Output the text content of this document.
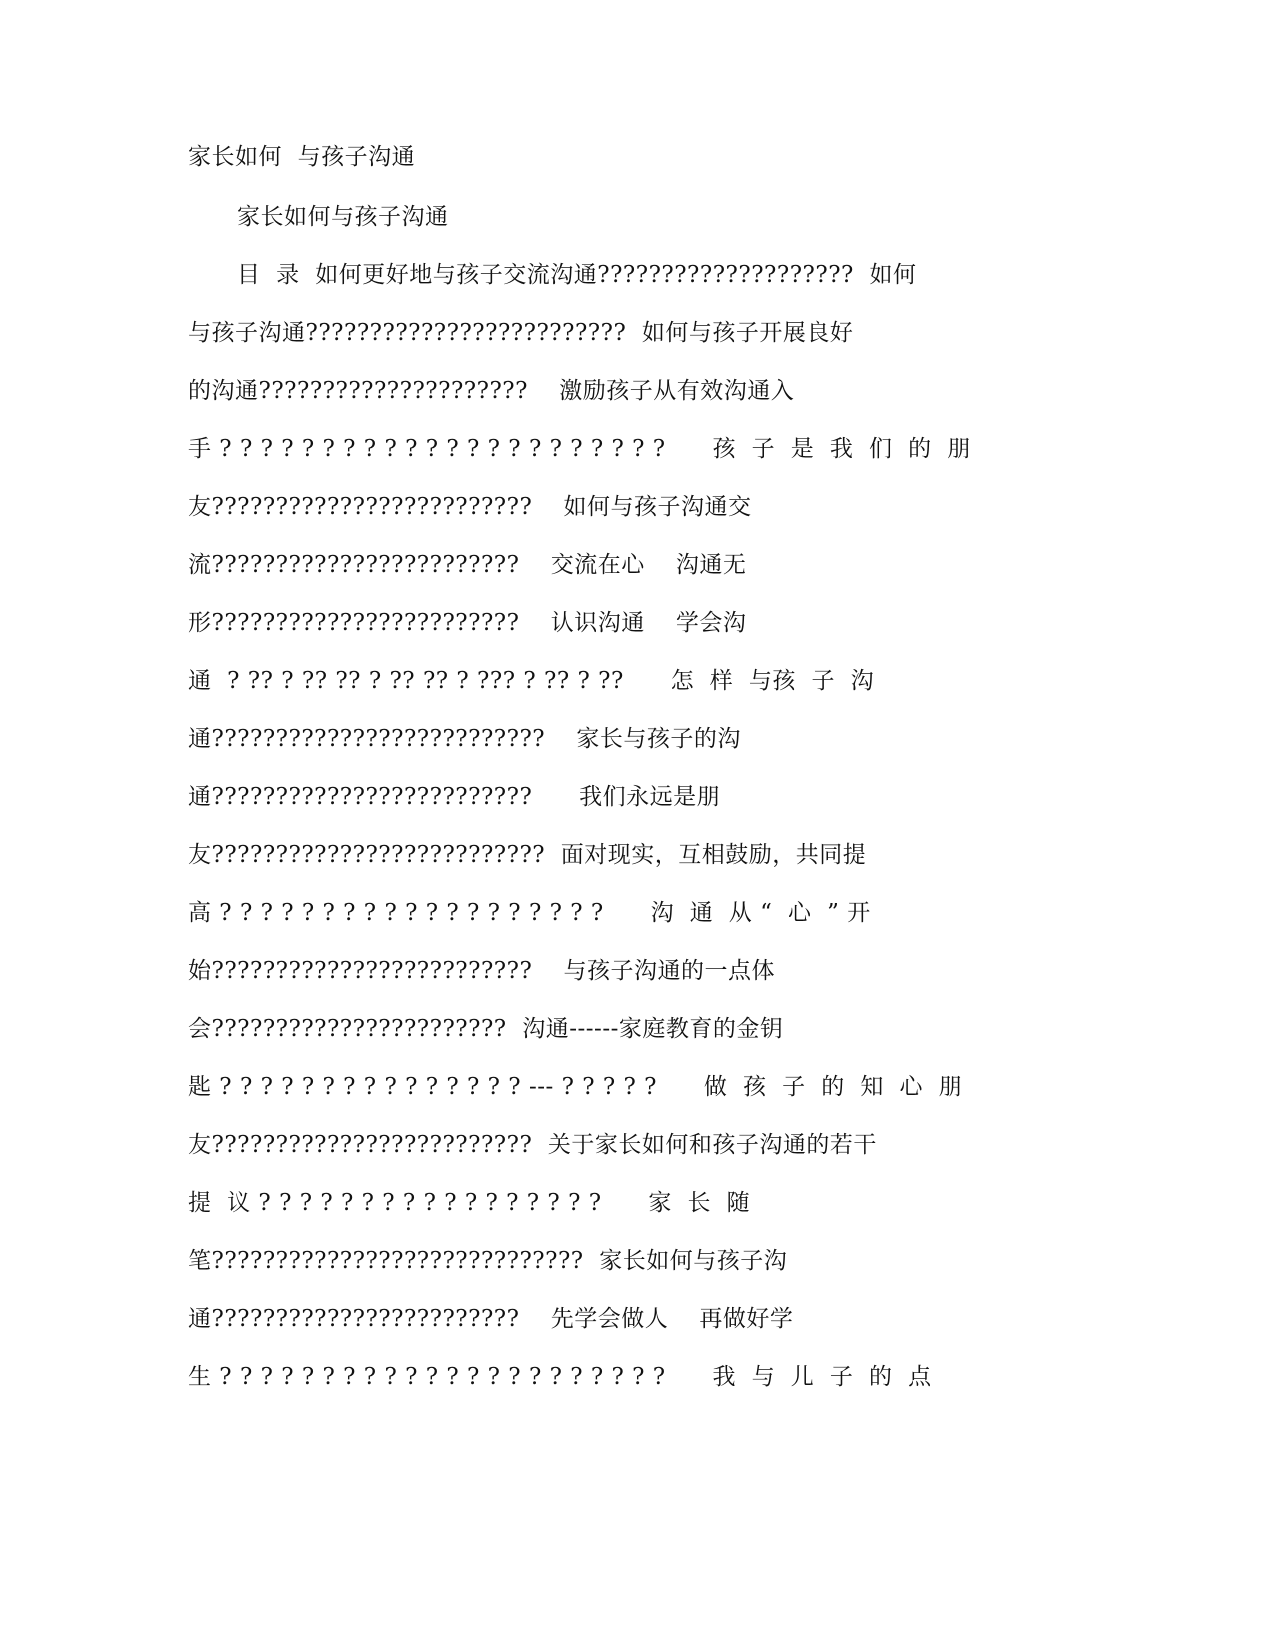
家长如何  与孩子沟通
家长如何与孩子沟通
目  录  如何更好地与孩子交流沟通????????????????????  如何
与孩子沟通?????????????????????????  如何与孩子开展良好
的沟通?????????????????????    激励孩子从有效沟通入
手 ? ? ? ? ? ? ? ? ? ? ? ? ? ? ? ? ? ? ? ? ? ?      孩  子  是  我  们  的  朋
友?????????????????????????    如何与孩子沟通交
流????????????????????????    交流在心    沟通无
形????????????????????????    认识沟通    学会沟
通  ? ?? ? ?? ?? ? ?? ?? ? ??? ? ?? ? ??      怎  样  与孩  子  沟
通??????????????????????????    家长与孩子的沟
通?????????????????????????      我们永远是朋
友??????????????????????????  面对现实，互相鼓励，共同提
高 ? ? ? ? ? ? ? ? ? ? ? ? ? ? ? ? ? ? ?      沟  通  从 “  心  ” 开
始?????????????????????????    与孩子沟通的一点体
会???????????????????????  沟通------家庭教育的金钥
匙 ? ? ? ? ? ? ? ? ? ? ? ? ? ? ? --- ? ? ? ? ?      做  孩  子  的  知  心  朋
友?????????????????????????  关于家长如何和孩子沟通的若干
提  议 ? ? ? ? ? ? ? ? ? ? ? ? ? ? ? ? ?      家  长  随
笔?????????????????????????????  家长如何与孩子沟
通????????????????????????    先学会做人    再做好学
生 ? ? ? ? ? ? ? ? ? ? ? ? ? ? ? ? ? ? ? ? ? ?      我  与  儿  子  的  点
